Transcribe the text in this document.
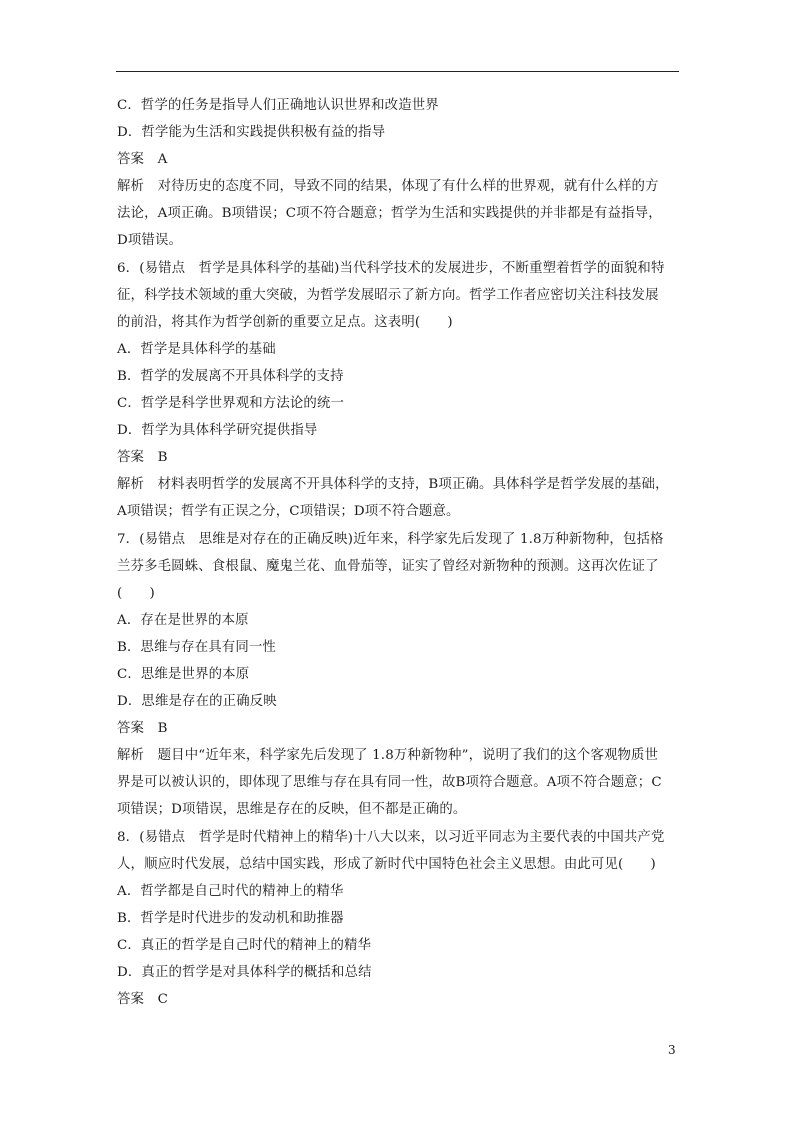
C．哲学的任务是指导人们正确地认识世界和改造世界
D．哲学能为生活和实践提供积极有益的指导
答案　A
解析　对待历史的态度不同，导致不同的结果，体现了有什么样的世界观，就有什么样的方
法论，A项正确。B项错误；C项不符合题意；哲学为生活和实践提供的并非都是有益指导，
D项错误。
6．(易错点　哲学是具体科学的基础)当代科学技术的发展进步，不断重塑着哲学的面貌和特
征，科学技术领域的重大突破，为哲学发展昭示了新方向。哲学工作者应密切关注科技发展
的前沿，将其作为哲学创新的重要立足点。这表明(　　)
A．哲学是具体科学的基础
B．哲学的发展离不开具体科学的支持
C．哲学是科学世界观和方法论的统一
D．哲学为具体科学研究提供指导
答案　B
解析　材料表明哲学的发展离不开具体科学的支持，B项正确。具体科学是哲学发展的基础，
A项错误；哲学有正误之分，C项错误；D项不符合题意。
7．(易错点　思维是对存在的正确反映)近年来，科学家先后发现了 1.8万种新物种，包括格
兰芬多毛圆蛛、食根鼠、魔鬼兰花、血骨茄等，证实了曾经对新物种的预测。这再次佐证了
(　　)
A．存在是世界的本原
B．思维与存在具有同一性
C．思维是世界的本原
D．思维是存在的正确反映
答案　B
解析　题目中“近年来，科学家先后发现了 1.8万种新物种”，说明了我们的这个客观物质世
界是可以被认识的，即体现了思维与存在具有同一性，故B项符合题意。A项不符合题意；C
项错误；D项错误，思维是存在的反映，但不都是正确的。
8．(易错点　哲学是时代精神上的精华)十八大以来，以习近平同志为主要代表的中国共产党
人，顺应时代发展，总结中国实践，形成了新时代中国特色社会主义思想。由此可见(　　)
A．哲学都是自己时代的精神上的精华
B．哲学是时代进步的发动机和助推器
C．真正的哲学是自己时代的精神上的精华
D．真正的哲学是对具体科学的概括和总结
答案　C
3
